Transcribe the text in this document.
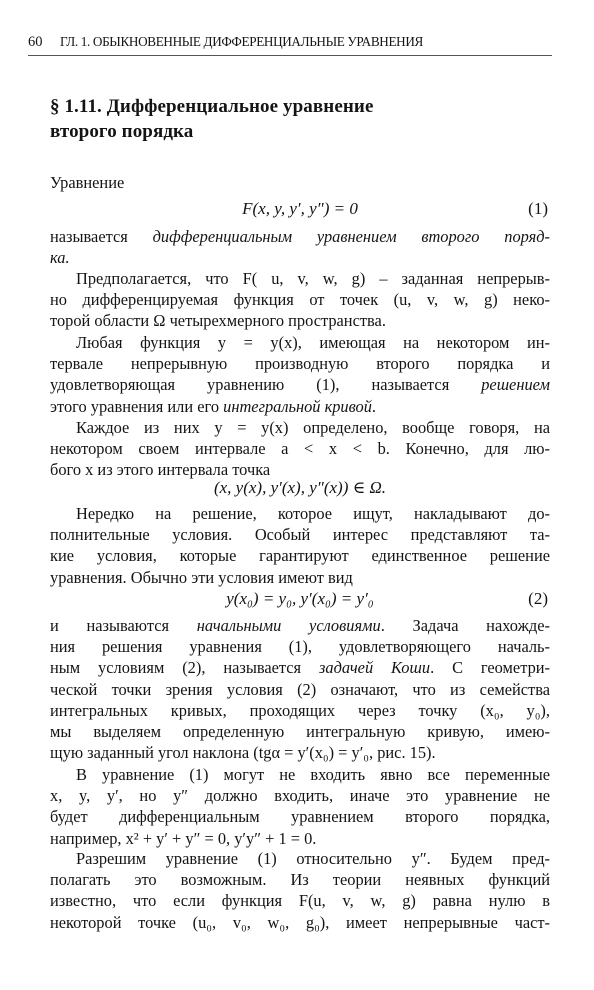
60 ГЛ. 1. ОБЫКНОВЕННЫЕ ДИФФЕРЕНЦИАЛЬНЫЕ УРАВНЕНИЯ
§ 1.11. Дифференциальное уравнение
второго порядка
Уравнение
F(x, y, y′, y″) = 0	(1)
называется дифференциальным уравнением второго поряд-
ка.
Предполагается, что F( u, v, w, g) – заданная непрерыв-
но дифференцируемая функция от точек (u, v, w, g) неко-
торой области Ω четырехмерного пространства.
Любая функция y = y(x), имеющая на некотором ин-
тервале непрерывную производную второго порядка и
удовлетворяющая уравнению (1), называется решением
этого уравнения или его интегральной кривой.
Каждое из них y = y(x) определено, вообще говоря, на
некотором своем интервале a < x < b. Конечно, для лю-
бого x из этого интервала точка
(x, y(x), y′(x), y″(x)) ∈ Ω.
Нередко на решение, которое ищут, накладывают до-
полнительные условия. Особый интерес представляют та-
кие условия, которые гарантируют единственное решение
уравнения. Обычно эти условия имеют вид
y(x₀) = y₀, y′(x₀) = y′₀	(2)
и называются начальными условиями. Задача нахожде-
ния решения уравнения (1), удовлетворяющего началь-
ным условиям (2), называется задачей Коши. С геометри-
ческой точки зрения условия (2) означают, что из семейства
интегральных кривых, проходящих через точку (x₀, y₀),
мы выделяем определенную интегральную кривую, имею-
щую заданный угол наклона (tgα = y′(x₀) = y′₀, рис. 15).
В уравнение (1) могут не входить явно все переменные
x, y, y′, но y″ должно входить, иначе это уравнение не
будет дифференциальным уравнением второго порядка,
например, x² + y′ + y″ = 0, y′y″ + 1 = 0.
Разрешим уравнение (1) относительно y″. Будем пред-
полагать это возможным. Из теории неявных функций
известно, что если функция F(u, v, w, g) равна нулю в
некоторой точке (u₀, v₀, w₀, g₀), имеет непрерывные част-
